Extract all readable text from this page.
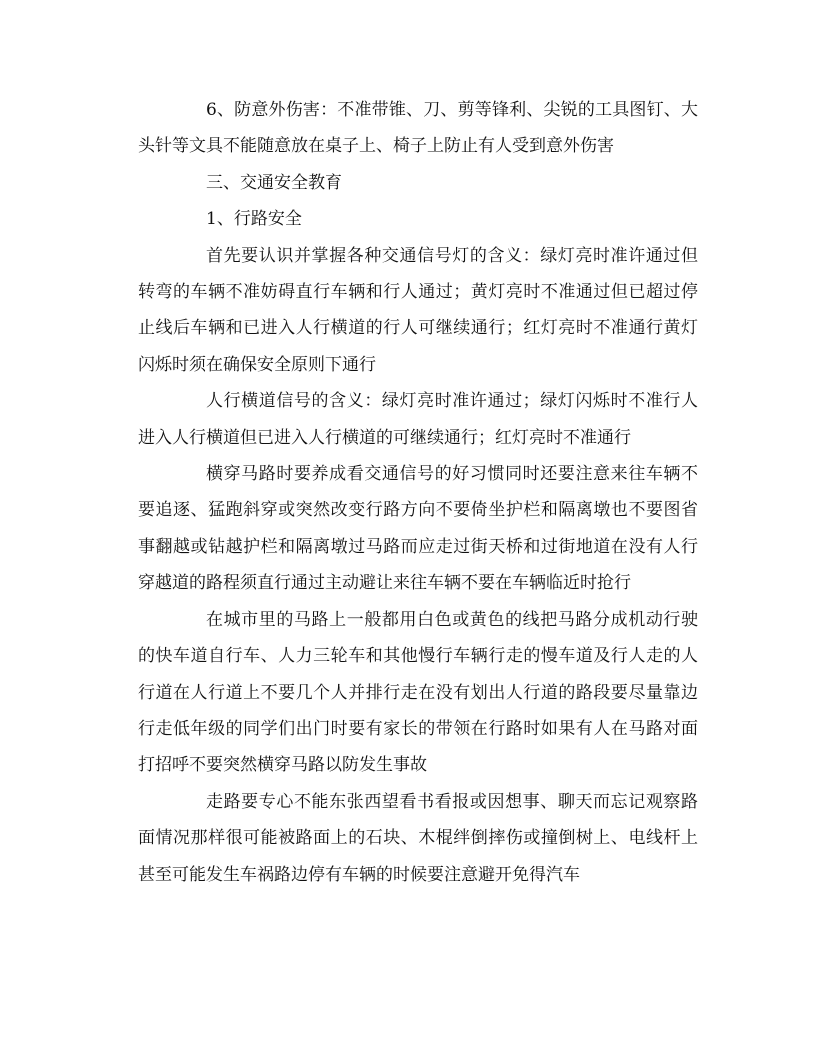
6、防意外伤害：不准带锥、刀、剪等锋利、尖锐的工具图钉、大头针等文具不能随意放在桌子上、椅子上防止有人受到意外伤害

三、交通安全教育

1、行路安全

首先要认识并掌握各种交通信号灯的含义：绿灯亮时准许通过但转弯的车辆不准妨碍直行车辆和行人通过；黄灯亮时不准通过但已超过停止线后车辆和已进入人行横道的行人可继续通行；红灯亮时不准通行黄灯闪烁时须在确保安全原则下通行

人行横道信号的含义：绿灯亮时准许通过；绿灯闪烁时不准行人进入人行横道但已进入人行横道的可继续通行；红灯亮时不准通行

横穿马路时要养成看交通信号的好习惯同时还要注意来往车辆不要追逐、猛跑斜穿或突然改变行路方向不要倚坐护栏和隔离墩也不要图省事翻越或钻越护栏和隔离墩过马路而应走过街天桥和过街地道在没有人行穿越道的路程须直行通过主动避让来往车辆不要在车辆临近时抢行

在城市里的马路上一般都用白色或黄色的线把马路分成机动行驶的快车道自行车、人力三轮车和其他慢行车辆行走的慢车道及行人走的人行道在人行道上不要几个人并排行走在没有划出人行道的路段要尽量靠边行走低年级的同学们出门时要有家长的带领在行路时如果有人在马路对面打招呼不要突然横穿马路以防发生事故

走路要专心不能东张西望看书看报或因想事、聊天而忘记观察路面情况那样很可能被路面上的石块、木棍绊倒摔伤或撞倒树上、电线杆上甚至可能发生车祸路边停有车辆的时候要注意避开免得汽车
